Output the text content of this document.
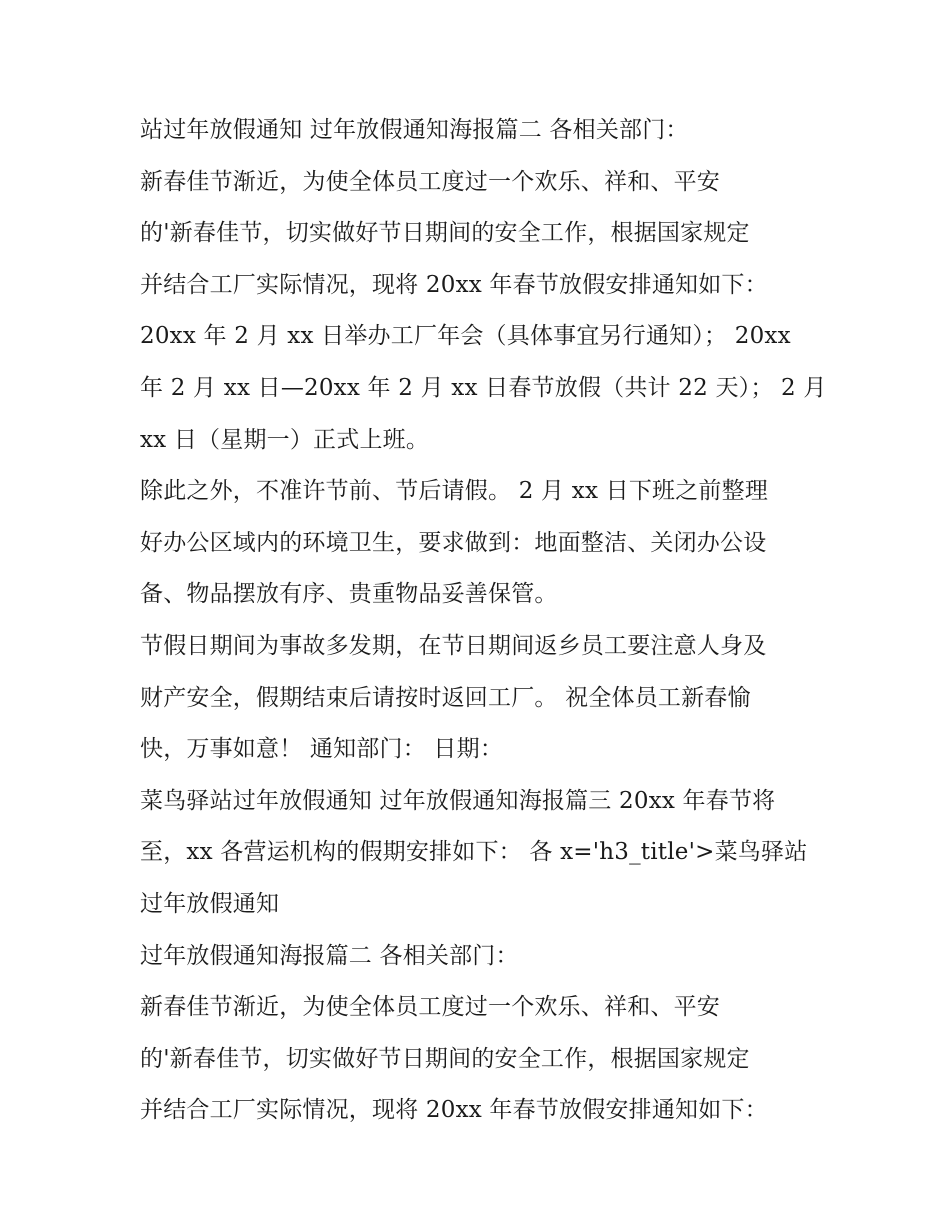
站过年放假通知 过年放假通知海报篇二 各相关部门：
新春佳节渐近，为使全体员工度过一个欢乐、祥和、平安
的'新春佳节，切实做好节日期间的安全工作，根据国家规定
并结合工厂实际情况，现将 20xx 年春节放假安排通知如下：
20xx 年 2 月 xx 日举办工厂年会（具体事宜另行通知）； 20xx
年 2 月 xx 日—20xx 年 2 月 xx 日春节放假（共计 22 天）； 2 月
xx 日（星期一）正式上班。
除此之外，不准许节前、节后请假。 2 月 xx 日下班之前整理
好办公区域内的环境卫生，要求做到：地面整洁、关闭办公设
备、物品摆放有序、贵重物品妥善保管。
节假日期间为事故多发期，在节日期间返乡员工要注意人身及
财产安全，假期结束后请按时返回工厂。 祝全体员工新春愉
快，万事如意！ 通知部门： 日期：
菜鸟驿站过年放假通知 过年放假通知海报篇三 20xx 年春节将
至，xx 各营运机构的假期安排如下： 各 x='h3_title'>菜鸟驿站
过年放假通知
过年放假通知海报篇二 各相关部门：
新春佳节渐近，为使全体员工度过一个欢乐、祥和、平安
的'新春佳节，切实做好节日期间的安全工作，根据国家规定
并结合工厂实际情况，现将 20xx 年春节放假安排通知如下：
